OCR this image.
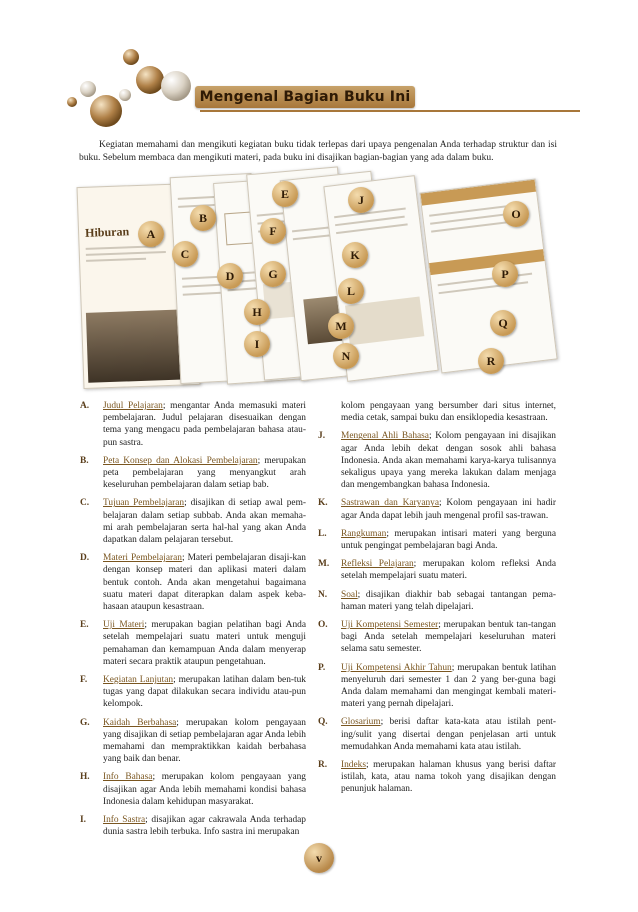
Mengenal Bagian Buku Ini

Kegiatan memahami dan mengikuti kegiatan buku tidak terlepas dari upaya pengenalan Anda terhadap struktur dan isi buku. Sebelum membaca dan mengikuti materi, pada buku ini disajikan bagian-bagian yang ada dalam buku.

Hiburan	A
B
C
D
E
F
G
H
I
J
K
L
M
N
O
P
Q
R
A.	Judul Pelajaran; mengantar Anda memasuki materi pembelajaran. Judul pelajaran disesuaikan dengan tema yang mengacu pada pembelajaran bahasa atau-pun sastra.
B.	Peta Konsep dan Alokasi Pembelajaran; merupakan peta pembelajaran yang menyangkut arah keseluruhan pembelajaran dalam setiap bab.
C.	Tujuan Pembelajaran; disajikan di setiap awal pem-belajaran dalam setiap subbab. Anda akan memaha-mi arah pembelajaran serta hal-hal yang akan Anda dapatkan dalam pelajaran tersebut.
D.	Materi Pembelajaran; Materi pembelajaran disaji-kan dengan konsep materi dan aplikasi materi dalam bentuk contoh. Anda akan mengetahui bagaimana suatu materi dapat diterapkan dalam aspek keba-hasaan ataupun kesastraan.
E.	Uji Materi; merupakan bagian pelatihan bagi Anda setelah mempelajari suatu materi untuk menguji pemahaman dan kemampuan Anda dalam menyerap materi secara praktik ataupun pengetahuan.
F.	Kegiatan Lanjutan; merupakan latihan dalam ben-tuk tugas yang dapat dilakukan secara individu atau-pun kelompok.
G.	Kaidah Berbahasa; merupakan kolom pengayaan yang disajikan di setiap pembelajaran agar Anda lebih memahami dan mempraktikkan kaidah berbahasa yang baik dan benar.
H.	Info Bahasa; merupakan kolom pengayaan yang disajikan agar Anda lebih memahami kondisi bahasa Indonesia dalam kehidupan masyarakat.
I.	Info Sastra; disajikan agar cakrawala Anda terhadap dunia sastra lebih terbuka. Info sastra ini merupakan
kolom pengayaan yang bersumber dari situs internet, media cetak, sampai buku dan ensiklopedia kesastraan.
J.	Mengenal Ahli Bahasa; Kolom pengayaan ini disajikan agar Anda lebih dekat dengan sosok ahli bahasa Indonesia. Anda akan memahami karya-karya tulisannya sekaligus upaya yang mereka lakukan dalam menjaga dan mengembangkan bahasa Indonesia.
K.	Sastrawan dan Karyanya; Kolom pengayaan ini hadir agar Anda dapat lebih jauh mengenal profil sas-trawan.
L.	Rangkuman; merupakan intisari materi yang berguna untuk pengingat pembelajaran bagi Anda.
M.	Refleksi Pelajaran; merupakan kolom refleksi Anda setelah mempelajari suatu materi.
N.	Soal; disajikan diakhir bab sebagai tantangan pema-haman materi yang telah dipelajari.
O.	Uji Kompetensi Semester; merupakan bentuk tan-tangan bagi Anda setelah mempelajari keseluruhan materi selama satu semester.
P.	Uji Kompetensi Akhir Tahun; merupakan bentuk latihan menyeluruh dari semester 1 dan 2 yang ber-guna bagi Anda dalam memahami dan mengingat kembali materi-materi yang pernah dipelajari.
Q.	Glosarium; berisi daftar kata-kata atau istilah pent-ing/sulit yang disertai dengan penjelasan arti untuk memudahkan Anda memahami kata atau istilah.
R.	Indeks; merupakan halaman khusus yang berisi daftar istilah, kata, atau nama tokoh yang disajikan dengan penunjuk halaman.
v
